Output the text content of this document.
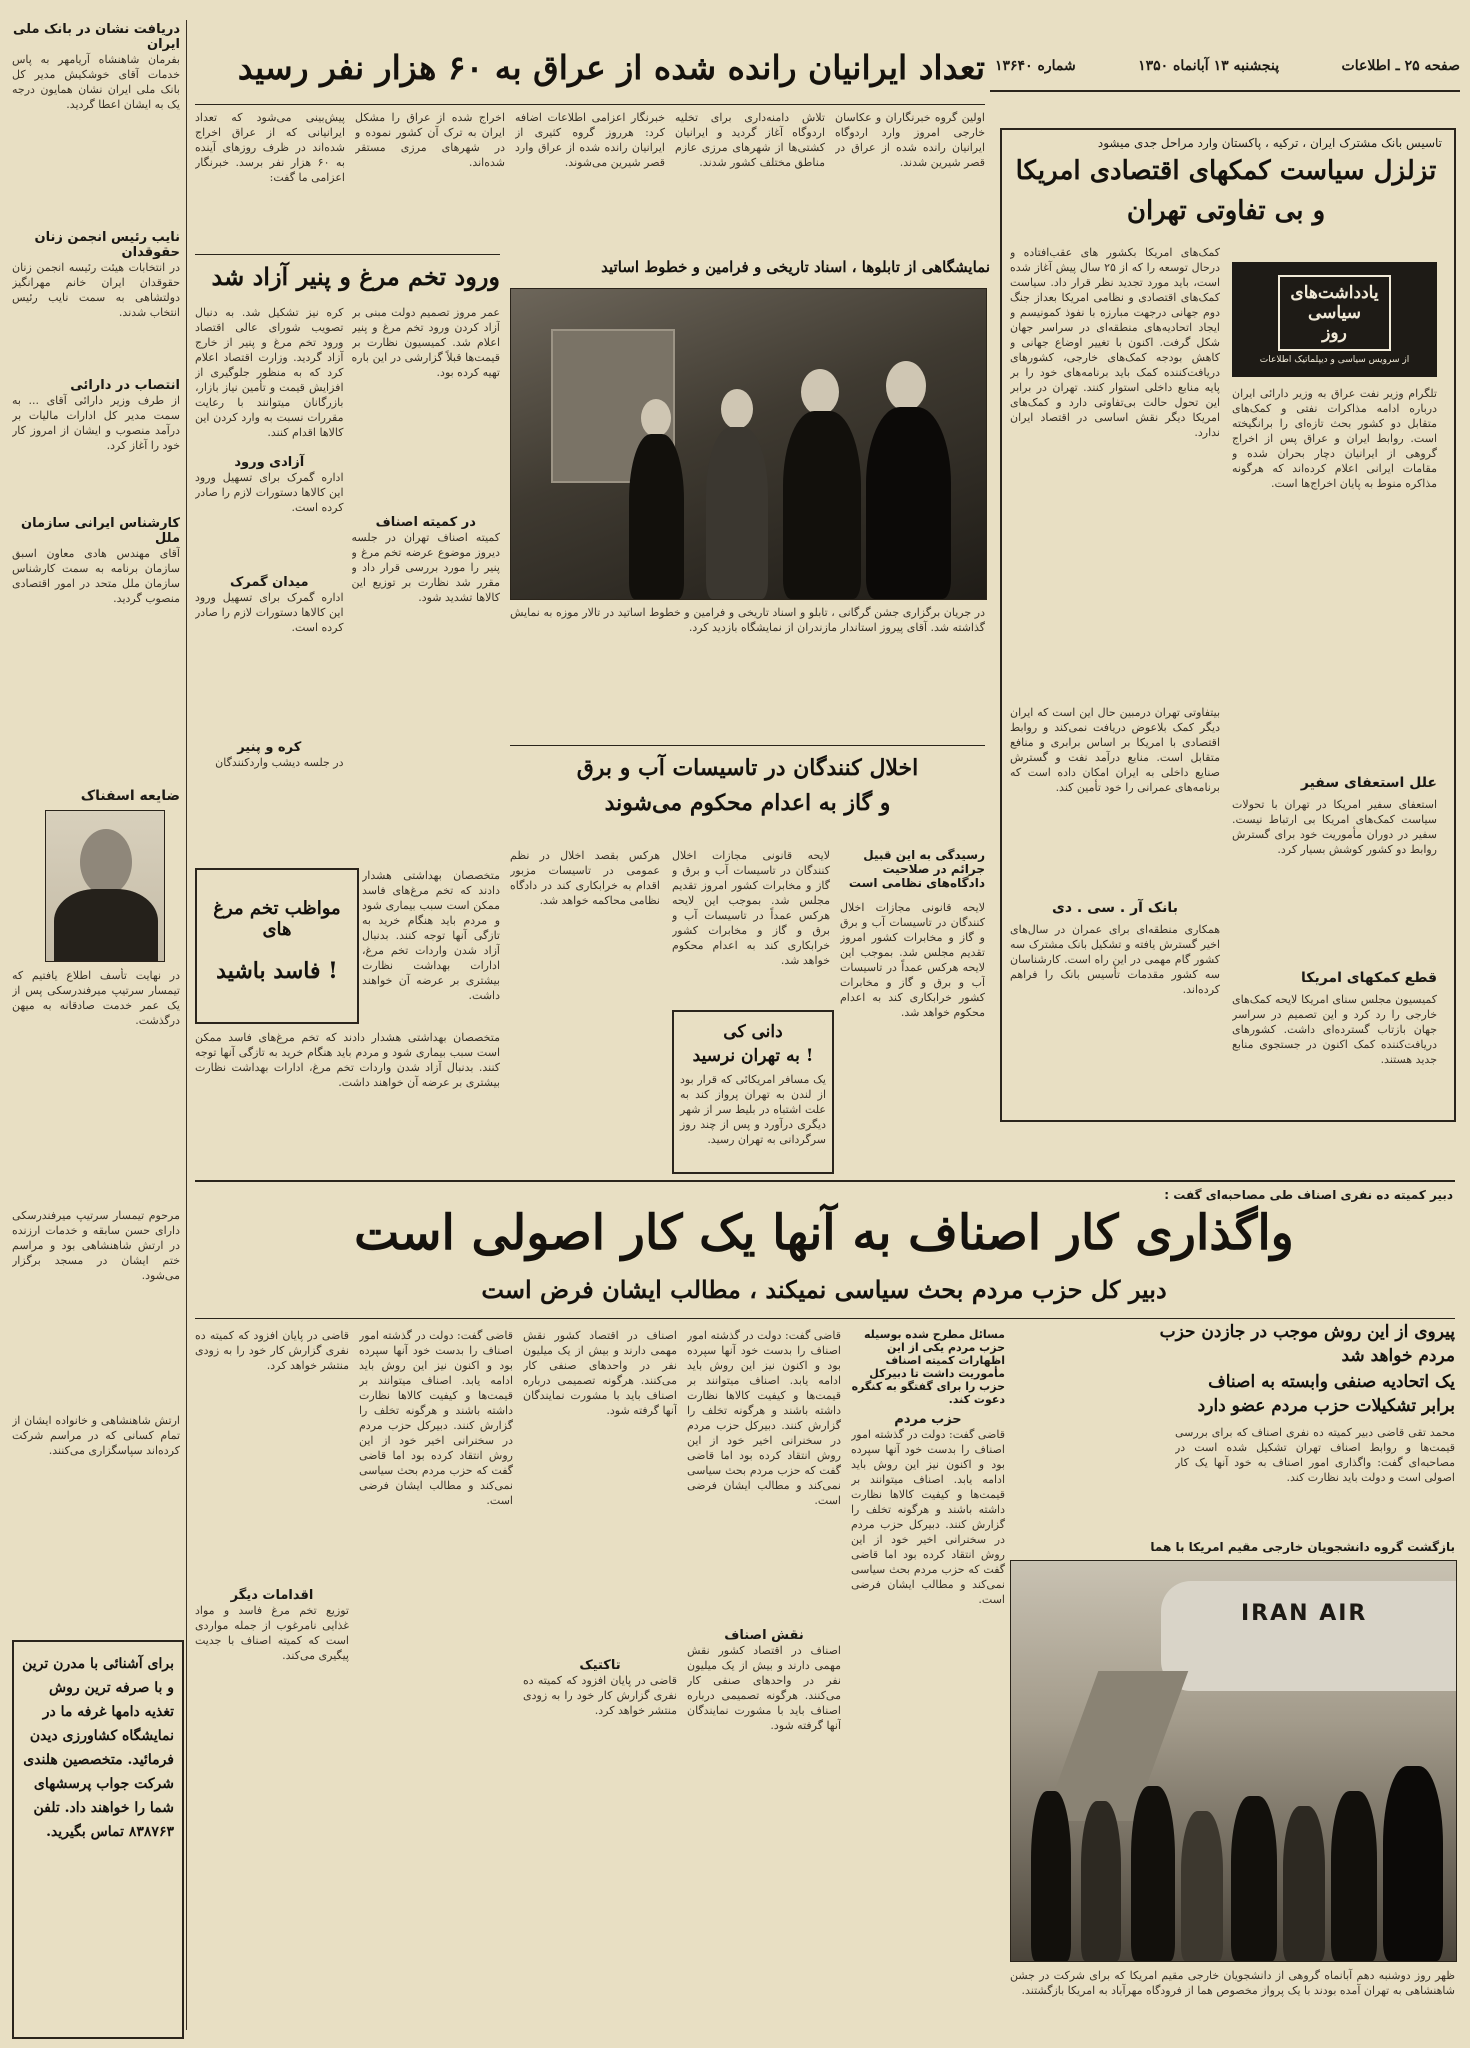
دریافت نشان در بانک ملی ایران
بفرمان شاهنشاه آریامهر به پاس خدمات آقای خوشکیش مدیر کل بانک ملی ایران نشان همایون درجه یک به ایشان اعطا گردید.
نایب رئیس انجمن زنان حقوقدان
در انتخابات هیئت رئیسه انجمن زنان حقوقدان ایران خانم مهرانگیز دولتشاهی به سمت نایب رئیس انتخاب شدند.
انتصاب در دارائی
از طرف وزیر دارائی آقای ... به سمت مدیر کل ادارات مالیات بر درآمد منصوب و ایشان از امروز کار خود را آغاز کرد.
کارشناس ایرانی سازمان ملل
آقای مهندس هادی معاون اسبق سازمان برنامه به سمت کارشناس سازمان ملل متحد در امور اقتصادی منصوب گردید.
ضایعه اسفناک
در نهایت تأسف اطلاع یافتیم که تیمسار سرتیپ میرفندرسکی پس از یک عمر خدمت صادقانه به میهن درگذشت.
مرحوم تیمسار سرتیپ میرفندرسکی دارای حسن سابقه و خدمات ارزنده در ارتش شاهنشاهی بود و مراسم ختم ایشان در مسجد برگزار می‌شود.
ارتش شاهنشاهی و خانواده ایشان از تمام کسانی که در مراسم شرکت کرده‌اند سپاسگزاری می‌کنند.
برای آشنائی با مدرن ترین و با صرفه ترین روش تغذیه دامها غرفه ما در نمایشگاه کشاورزی دیدن فرمائید. متخصصین هلندی شرکت جواب پرسشهای شما را خواهند داد. تلفن ۸۳۸۷۶۳ تماس بگیرید.
تعداد ایرانیان رانده شده از عراق به ۶۰ هزار نفر رسید	صفحه ۲۵ ـ اطلاعات
پنجشنبه ۱۳ آبانماه ۱۳۵۰
شماره ۱۳۶۴۰
اولین گروه خبرنگاران و عکاسان خارجی امروز وارد اردوگاه ایرانیان رانده شده از عراق در قصر شیرین شدند.
تلاش دامنه‌داری برای تخلیه اردوگاه آغاز گردید و ایرانیان کشتی‌ها از شهرهای مرزی عازم مناطق مختلف کشور شدند.
خبرنگار اعزامی اطلاعات اضافه کرد: هرروز گروه کثیری از ایرانیان رانده شده از عراق وارد قصر شیرین می‌شوند.
اخراج شده از عراق را مشکل ایران به ترک آن کشور نموده و در شهرهای مرزی مستقر شده‌اند.
پیش‌بینی می‌شود که تعداد ایرانیانی که از عراق اخراج شده‌اند در ظرف روزهای آینده به ۶۰ هزار نفر برسد. خبرنگار اعزامی ما گفت:
تاسیس بانک مشترک ایران ، ترکیه ، پاکستان وارد مراحل جدی میشود
تزلزل سیاست کمکهای اقتصادی امریکا
و بی تفاوتی تهران
کمک‌های امریکا بکشور های عقب‌افتاده و درحال توسعه را که از ۲۵ سال پیش آغاز شده است، باید مورد تجدید نظر قرار داد. سیاست کمک‌های اقتصادی و نظامی امریکا بعداز جنگ دوم جهانی درجهت مبارزه با نفوذ کمونیسم و ایجاد اتحادیه‌های منطقه‌ای در سراسر جهان شکل گرفت. اکنون با تغییر اوضاع جهانی و کاهش بودجه کمک‌های خارجی، کشورهای دریافت‌کننده کمک باید برنامه‌های خود را بر پایه منابع داخلی استوار کنند. تهران در برابر این تحول حالت بی‌تفاوتی دارد و کمک‌های امریکا دیگر نقش اساسی در اقتصاد ایران ندارد.
یادداشت‌های
سیاسی
روز
از سرویس سیاسی و دیپلماتیک اطلاعات
تلگرام وزیر نفت عراق به وزیر دارائی ایران درباره ادامه مذاکرات نفتی و کمک‌های متقابل دو کشور بحث تازه‌ای را برانگیخته است. روابط ایران و عراق پس از اخراج گروهی از ایرانیان دچار بحران شده و مقامات ایرانی اعلام کرده‌اند که هرگونه مذاکره منوط به پایان اخراج‌ها است.
بیتفاوتی تهران درمبین حال این است که ایران دیگر کمک بلاعوض دریافت نمی‌کند و روابط اقتصادی با امریکا بر اساس برابری و منافع متقابل است. منابع درآمد نفت و گسترش صنایع داخلی به ایران امکان داده است که برنامه‌های عمرانی را خود تأمین کند.
بانک آر . سی . دی
همکاری منطقه‌ای برای عمران در سال‌های اخیر گسترش یافته و تشکیل بانک مشترک سه کشور گام مهمی در این راه است. کارشناسان سه کشور مقدمات تأسیس بانک را فراهم کرده‌اند.
علل استعفای سفیر
استعفای سفیر امریکا در تهران با تحولات سیاست کمک‌های امریکا بی ارتباط نیست. سفیر در دوران مأموریت خود برای گسترش روابط دو کشور کوشش بسیار کرد.
قطع کمکهای امریکا
کمیسیون مجلس سنای امریکا لایحه کمک‌های خارجی را رد کرد و این تصمیم در سراسر جهان بازتاب گسترده‌ای داشت. کشورهای دریافت‌کننده کمک اکنون در جستجوی منابع جدید هستند.
ورود تخم مرغ و پنیر آزاد شد
عمر مروز تصمیم دولت مبنی بر آزاد کردن ورود تخم مرغ و پنیر اعلام شد. کمیسیون نظارت بر قیمت‌ها قبلاً گزارشی در این باره تهیه کرده بود.
در کمیته اصناف
کمیته اصناف تهران در جلسه دیروز موضوع عرضه تخم مرغ و پنیر را مورد بررسی قرار داد و مقرر شد نظارت بر توزیع این کالاها تشدید شود.
کره نیز تشکیل شد. به دنبال تصویب شورای عالی اقتصاد ورود تخم مرغ و پنیر از خارج آزاد گردید. وزارت اقتصاد اعلام کرد که به منظور جلوگیری از افزایش قیمت و تأمین نیاز بازار، بازرگانان میتوانند با رعایت مقررات نسبت به وارد کردن این کالاها اقدام کنند.
آزادی ورود
اداره گمرک برای تسهیل ورود این کالاها دستورات لازم را صادر کرده است.
میدان گمرک
اداره گمرک برای تسهیل ورود این کالاها دستورات لازم را صادر کرده است.
کره و پنیر
در جلسه دیشب واردکنندگان
مواظب تخم مرغ های
فاسد باشید !
متخصصان بهداشتی هشدار دادند که تخم مرغ‌های فاسد ممکن است سبب بیماری شود و مردم باید هنگام خرید به تازگی آنها توجه کنند. بدنبال آزاد شدن واردات تخم مرغ، ادارات بهداشت نظارت بیشتری بر عرضه آن خواهند داشت.
متخصصان بهداشتی هشدار دادند که تخم مرغ‌های فاسد ممکن است سبب بیماری شود و مردم باید هنگام خرید به تازگی آنها توجه کنند. بدنبال آزاد شدن واردات تخم مرغ، ادارات بهداشت نظارت بیشتری بر عرضه آن خواهند داشت.
نمایشگاهی از تابلوها ، اسناد تاریخی و فرامین و خطوط اساتید
در جریان برگزاری جشن گرگانی ، تابلو و اسناد تاریخی و فرامین و خطوط اساتید در تالار موزه به نمایش گذاشته شد. آقای پیروز استاندار مازندران از نمایشگاه بازدید کرد.
اخلال کنندگان در تاسیسات آب و برق
و گاز به اعدام محکوم می‌شوند
رسیدگی به این قبیل جرائم در صلاحیت دادگاه‌های نظامی است
لایحه قانونی مجازات اخلال کنندگان در تاسیسات آب و برق و گاز و مخابرات کشور امروز تقدیم مجلس شد. بموجب این لایحه هرکس عمداً در تاسیسات آب و برق و گاز و مخابرات کشور خرابکاری کند به اعدام محکوم خواهد شد.
هرکس بقصد اخلال در نظم عمومی در تاسیسات مزبور اقدام به خرابکاری کند در دادگاه نظامی محاکمه خواهد شد.
دانی کی
به تهران نرسید !
یک مسافر امریکائی که قرار بود از لندن به تهران پرواز کند به علت اشتباه در بلیط سر از شهر دیگری درآورد و پس از چند روز سرگردانی به تهران رسید.
لایحه قانونی مجازات اخلال کنندگان در تاسیسات آب و برق و گاز و مخابرات کشور امروز تقدیم مجلس شد. بموجب این لایحه هرکس عمداً در تاسیسات آب و برق و گاز و مخابرات کشور خرابکاری کند به اعدام محکوم خواهد شد.
دبیر کمیته ده نفری اصناف طی مصاحبه‌ای گفت :
واگذاری کار اصناف به آنها یک کار اصولی است
دبیر کل حزب مردم بحث سیاسی نمیکند ، مطالب ایشان فرض است
پیروی از این روش موجب در جازدن حزب
مردم خواهد شد
یک اتحادیه صنفی وابسته به اصناف
برابر تشکیلات حزب مردم عضو دارد
محمد تقی قاضی دبیر کمیته ده نفری اصناف که برای بررسی قیمت‌ها و روابط اصناف تهران تشکیل شده است در مصاحبه‌ای گفت: واگذاری امور اصناف به خود آنها یک کار اصولی است و دولت باید نظارت کند.
مسائل مطرح شده بوسیله حزب مردم یکی از این اظهارات کمیته اصناف مأموریت داشت تا دبیرکل حزب را برای گفتگو به کنگره دعوت کند.
حزب مردم
قاضی گفت: دولت در گذشته امور اصناف را بدست خود آنها سپرده بود و اکنون نیز این روش باید ادامه یابد. اصناف میتوانند بر قیمت‌ها و کیفیت کالاها نظارت داشته باشند و هرگونه تخلف را گزارش کنند. دبیرکل حزب مردم در سخنرانی اخیر خود از این روش انتقاد کرده بود اما قاضی گفت که حزب مردم بحث سیاسی نمی‌کند و مطالب ایشان فرضی است.
قاضی گفت: دولت در گذشته امور اصناف را بدست خود آنها سپرده بود و اکنون نیز این روش باید ادامه یابد. اصناف میتوانند بر قیمت‌ها و کیفیت کالاها نظارت داشته باشند و هرگونه تخلف را گزارش کنند. دبیرکل حزب مردم در سخنرانی اخیر خود از این روش انتقاد کرده بود اما قاضی گفت که حزب مردم بحث سیاسی نمی‌کند و مطالب ایشان فرضی است.
نقش اصناف
اصناف در اقتصاد کشور نقش مهمی دارند و بیش از یک میلیون نفر در واحدهای صنفی کار می‌کنند. هرگونه تصمیمی درباره اصناف باید با مشورت نمایندگان آنها گرفته شود.
اصناف در اقتصاد کشور نقش مهمی دارند و بیش از یک میلیون نفر در واحدهای صنفی کار می‌کنند. هرگونه تصمیمی درباره اصناف باید با مشورت نمایندگان آنها گرفته شود.
تاکتیک
قاضی در پایان افزود که کمیته ده نفری گزارش کار خود را به زودی منتشر خواهد کرد.
قاضی گفت: دولت در گذشته امور اصناف را بدست خود آنها سپرده بود و اکنون نیز این روش باید ادامه یابد. اصناف میتوانند بر قیمت‌ها و کیفیت کالاها نظارت داشته باشند و هرگونه تخلف را گزارش کنند. دبیرکل حزب مردم در سخنرانی اخیر خود از این روش انتقاد کرده بود اما قاضی گفت که حزب مردم بحث سیاسی نمی‌کند و مطالب ایشان فرضی است.
قاضی در پایان افزود که کمیته ده نفری گزارش کار خود را به زودی منتشر خواهد کرد.
اقدامات دیگر
توزیع تخم مرغ فاسد و مواد غذایی نامرغوب از جمله مواردی است که کمیته اصناف با جدیت پیگیری می‌کند.
بازگشت گروه دانشجویان خارجی مقیم امریکا با هما
IRAN AIR
ظهر روز دوشنبه دهم آبانماه گروهی از دانشجویان خارجی مقیم امریکا که برای شرکت در جشن شاهنشاهی به تهران آمده بودند با یک پرواز مخصوص هما از فرودگاه مهرآباد به امریکا بازگشتند.
